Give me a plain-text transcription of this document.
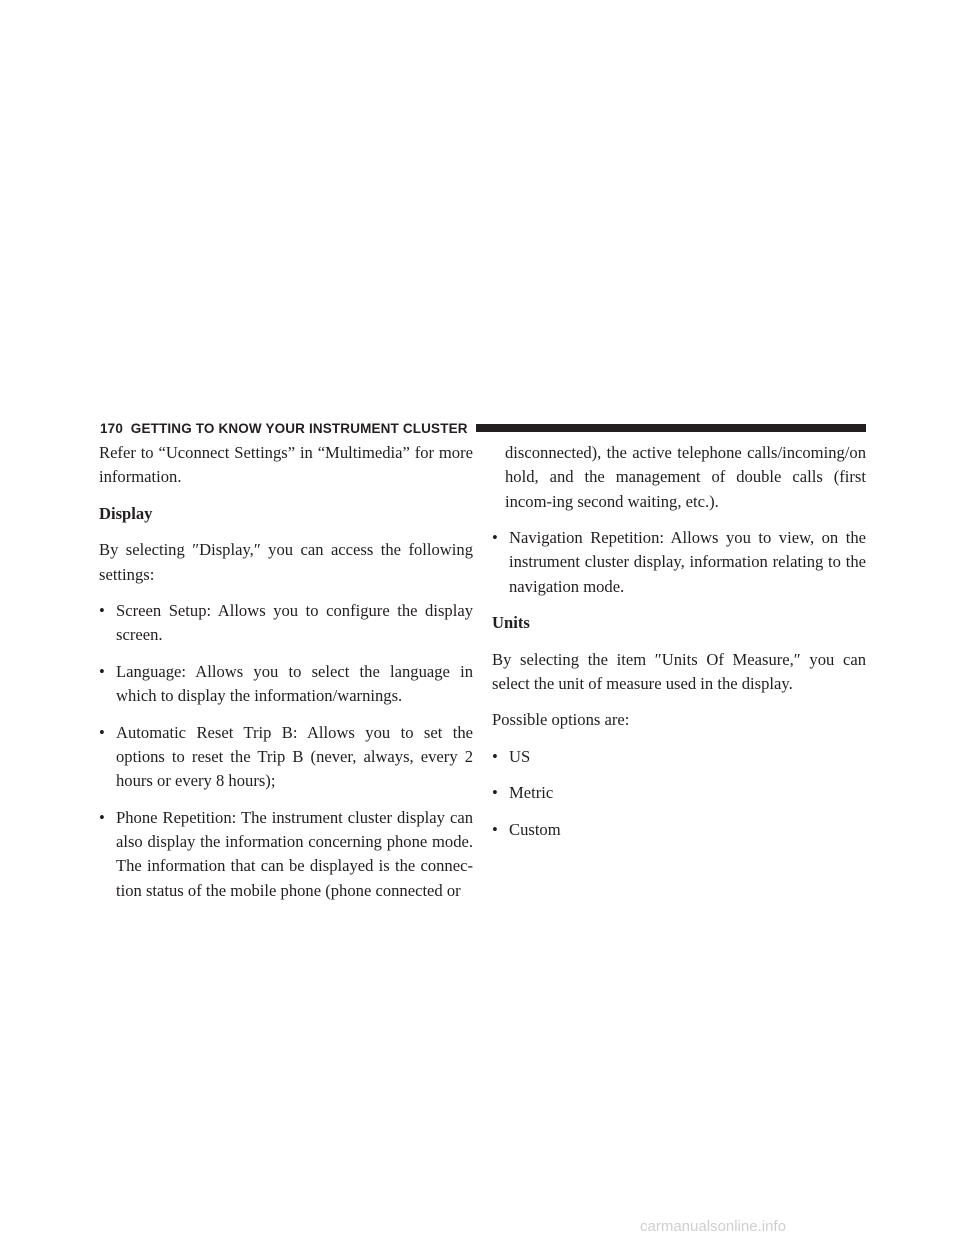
170 GETTING TO KNOW YOUR INSTRUMENT CLUSTER

Refer to “Uconnect Settings” in “Multimedia” for more information.

Display

By selecting ″Display,″ you can access the following settings:

• Screen Setup: Allows you to configure the display screen.
• Language: Allows you to select the language in which to display the information/warnings.
• Automatic Reset Trip B: Allows you to set the options to reset the Trip B (never, always, every 2 hours or every 8 hours);
• Phone Repetition: The instrument cluster display can also display the information concerning phone mode. The information that can be displayed is the connec-tion status of the mobile phone (phone connected or

disconnected), the active telephone calls/incoming/on hold, and the management of double calls (first incom-ing second waiting, etc.).

• Navigation Repetition: Allows you to view, on the instrument cluster display, information relating to the navigation mode.

Units

By selecting the item ″Units Of Measure,″ you can select the unit of measure used in the display.

Possible options are:

• US
• Metric
• Custom
carmanualsonline.info
